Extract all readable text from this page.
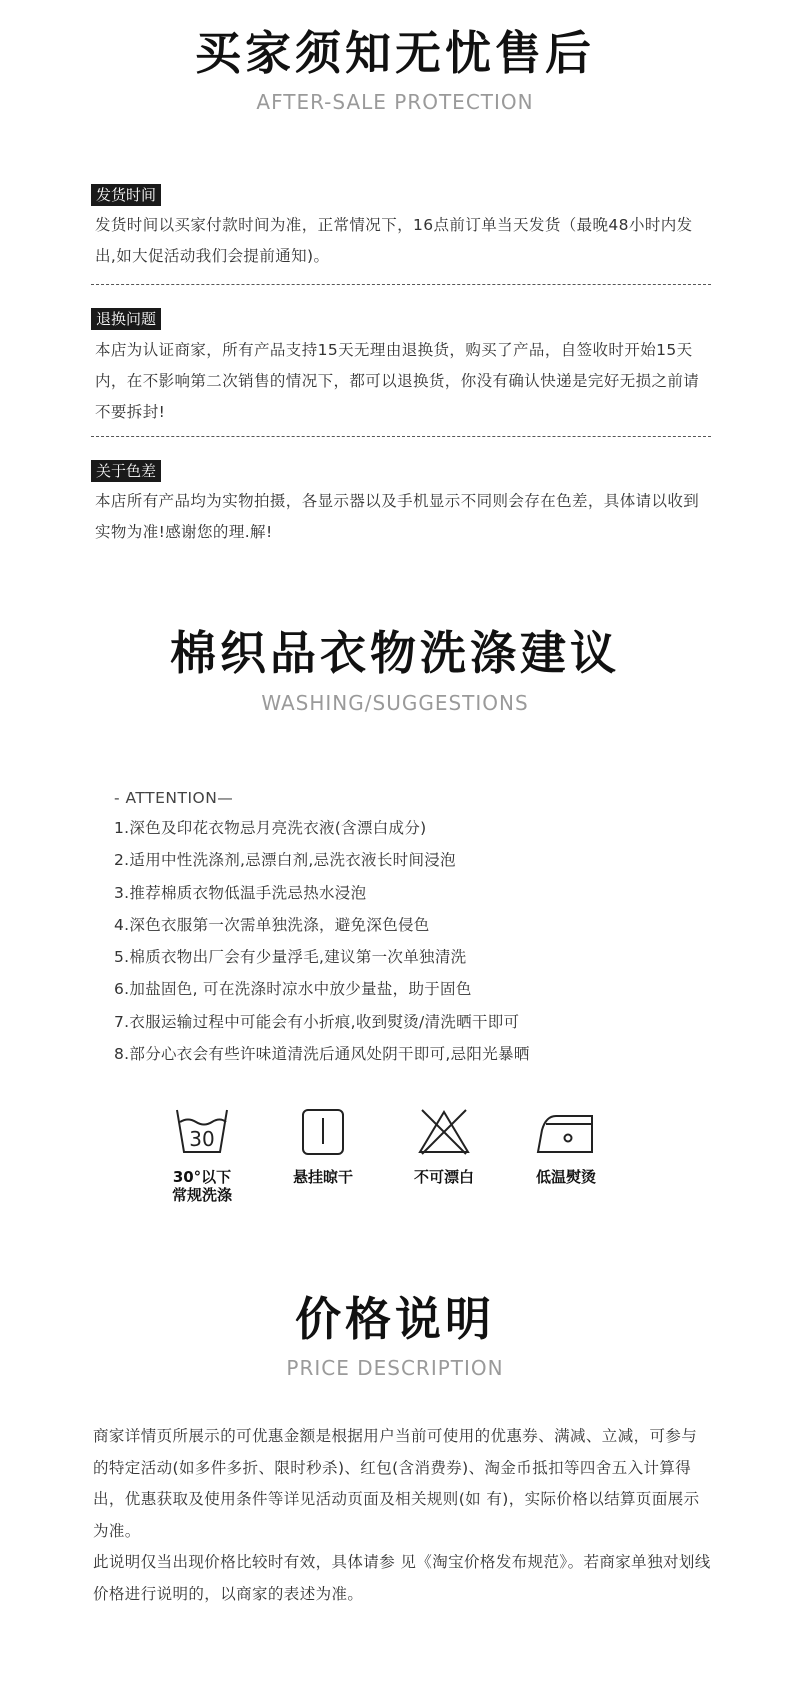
买家须知无忧售后
AFTER-SALE PROTECTION
发货时间
发货时间以买家付款时间为准，正常情况下，16点前订单当天发货（最晚48小时内发出,如大促活动我们会提前通知)。
退换问题
本店为认证商家，所有产品支持15天无理由退换货，购买了产品，自签收时开始15天内，在不影响第二次销售的情况下，都可以退换货，你没有确认快递是完好无损之前请不要拆封!
关于色差
本店所有产品均为实物拍摄，各显示器以及手机显示不同则会存在色差，具体请以收到实物为准!感谢您的理.解!
棉织品衣物洗涤建议
WASHING/SUGGESTIONS
- ATTENTION—
1.深色及印花衣物忌月亮洗衣液(含漂白成分)
2.适用中性洗涤剂,忌漂白剂,忌洗衣液长时间浸泡
3.推荐棉质衣物低温手洗忌热水浸泡
4.深色衣服第一次需单独洗涤，避免深色侵色
5.棉质衣物出厂会有少量浮毛,建议第一次单独清洗
6.加盐固色, 可在洗涤时凉水中放少量盐，助于固色
7.衣服运输过程中可能会有小折痕,收到熨烫/清洗晒干即可
8.部分心衣会有些许味道清洗后通风处阴干即可,忌阳光暴晒
30
30°以下
常规洗涤
悬挂晾干	不可漂白	低温熨烫
价格说明
PRICE DESCRIPTION
商家详情页所展示的可优惠金额是根据用户当前可使用的优惠券、满减、立减，可参与的特定活动(如多件多折、限时秒杀)、红包(含消费券)、淘金币抵扣等四舍五入计算得出，优惠获取及使用条件等详见活动页面及相关规则(如 有)，实际价格以结算页面展示为准。
此说明仅当出现价格比较时有效，具体请参 见《淘宝价格发布规范》。若商家单独对划线价格进行说明的，以商家的表述为准。
